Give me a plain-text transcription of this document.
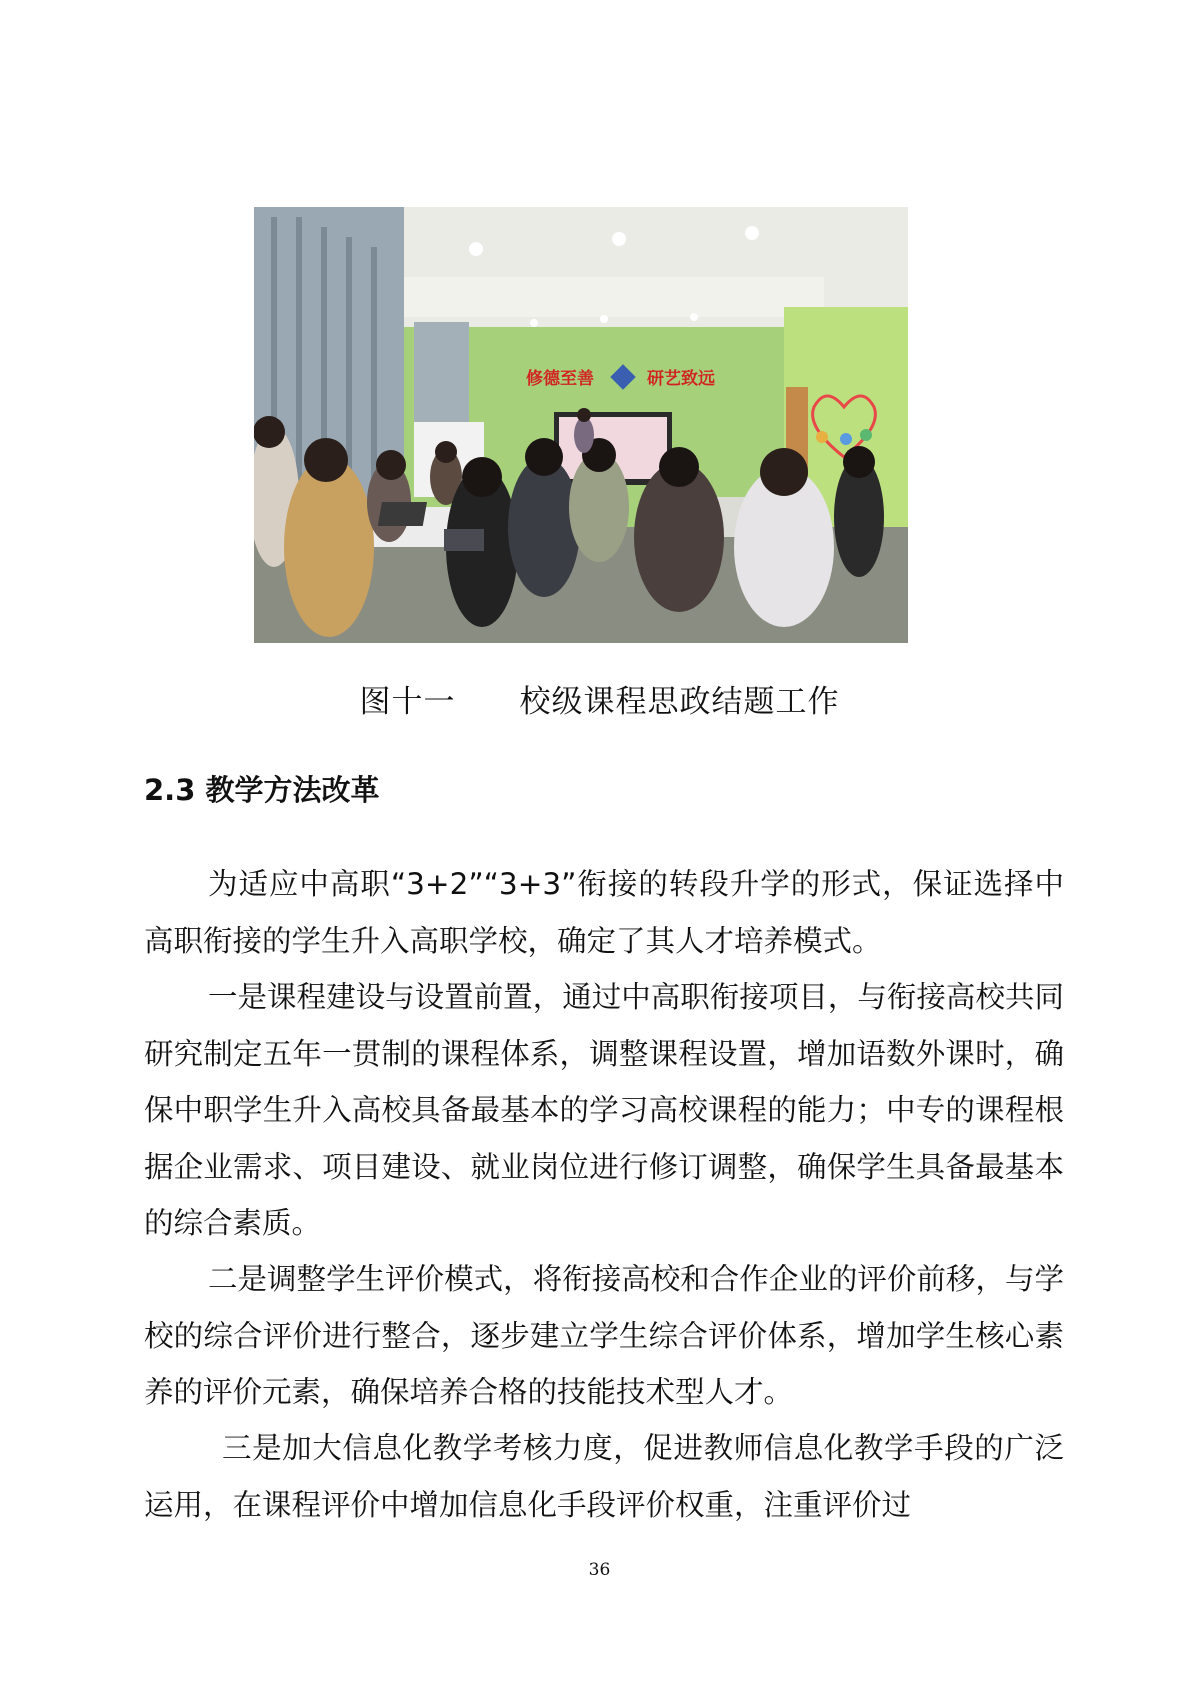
修德至善	研艺致远
图十一　　校级课程思政结题工作
2.3 教学方法改革

为适应中高职“3+2”“3+3”衔接的转段升学的形式，保证选择中高职衔接的学生升入高职学校，确定了其人才培养模式。

一是课程建设与设置前置，通过中高职衔接项目，与衔接高校共同研究制定五年一贯制的课程体系，调整课程设置，增加语数外课时，确保中职学生升入高校具备最基本的学习高校课程的能力；中专的课程根据企业需求、项目建设、就业岗位进行修订调整，确保学生具备最基本的综合素质。

二是调整学生评价模式，将衔接高校和合作企业的评价前移，与学校的综合评价进行整合，逐步建立学生综合评价体系，增加学生核心素养的评价元素，确保培养合格的技能技术型人才。

三是加大信息化教学考核力度，促进教师信息化教学手段的广泛运用，在课程评价中增加信息化手段评价权重，注重评价过

36
